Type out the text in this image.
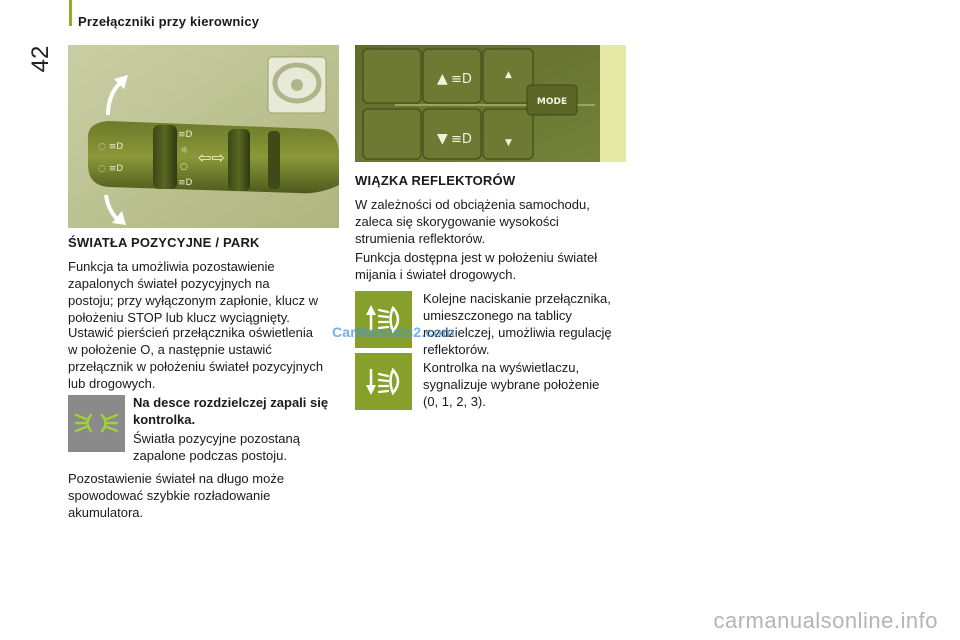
42
Przełączniki przy kierownicy
◌ ≡D
◌ ≡D
≡D
☼
○
≡D
⇦⇨
MODE
▲ ≡D	▲
▼ ≡D	▼
ŚWIATŁA POZYCYJNE / PARK

Funkcja ta umożliwia pozostawienie
zapalonych świateł pozycyjnych na
postoju; przy wyłączonym zapłonie, klucz w
położeniu STOP lub klucz wyciągnięty.

Ustawić pierścień przełącznika oświetlenia
w położenie O, a następnie ustawić
przełącznik w położeniu świateł pozycyjnych
lub drogowych.

Na desce rozdzielczej zapali się
kontrolka.

Światła pozycyjne pozostaną
zapalone podczas postoju.

Pozostawienie świateł na długo może
spowodować szybkie rozładowanie
akumulatora.

WIĄZKA REFLEKTORÓW

W zależności od obciążenia samochodu,
zaleca się skorygowanie wysokości
strumienia reflektorów.

Funkcja dostępna jest w położeniu świateł
mijania i świateł drogowych.

Kolejne naciskanie przełącznika,
umieszczonego na tablicy
rozdzielczej, umożliwia regulację
reflektorów.

Kontrolka na wyświetlaczu,
sygnalizuje wybrane położenie
(0, 1, 2, 3).

CarManuals2.com
carmanualsonline.info
